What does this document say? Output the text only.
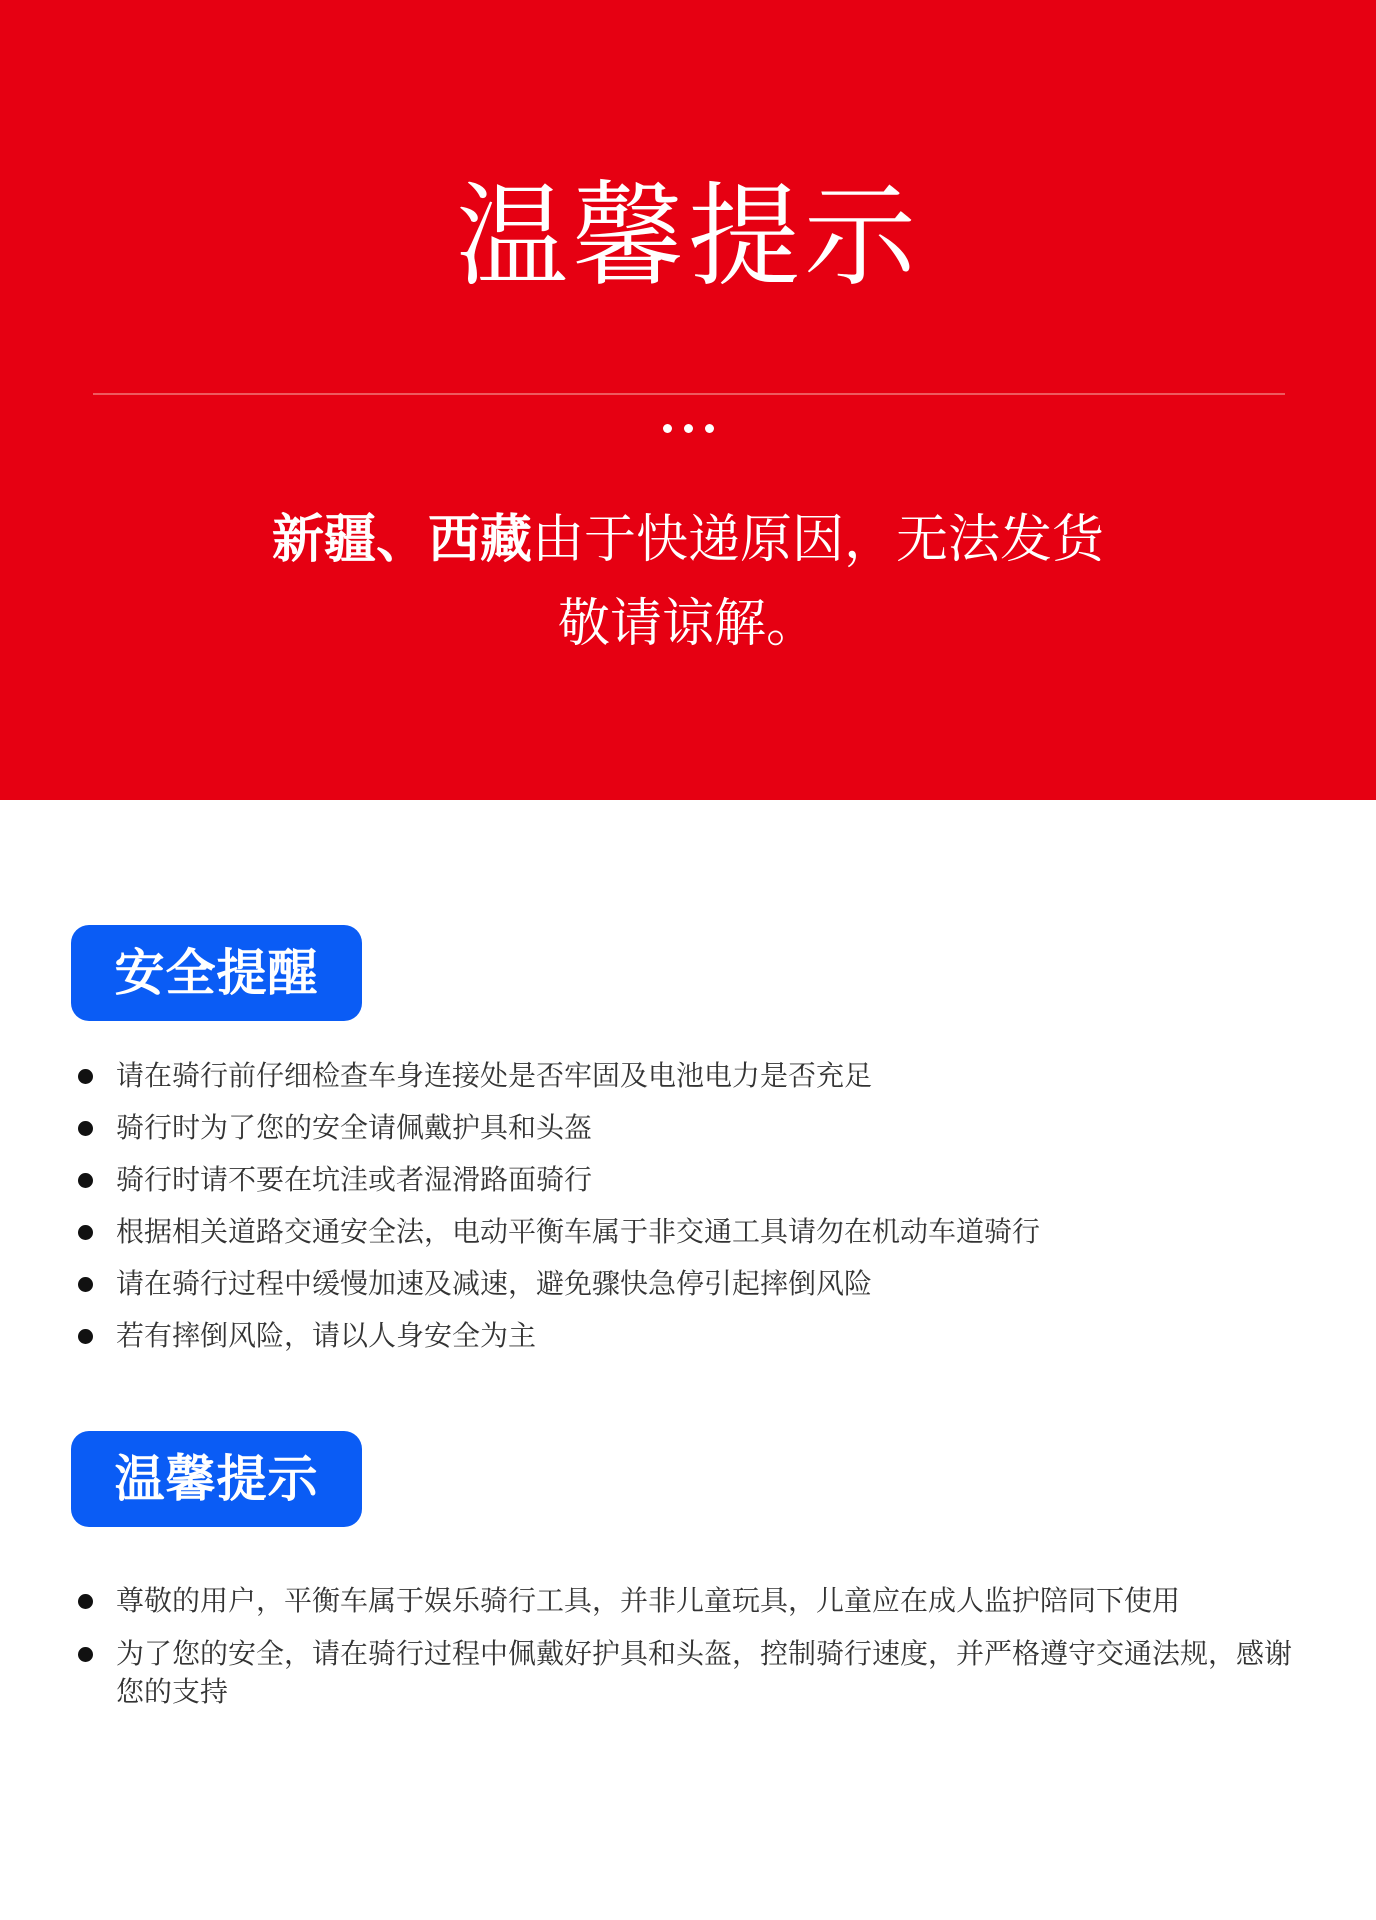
温馨提示
新疆、西藏由于快递原因，无法发货
敬请谅解。
安全提醒
请在骑行前仔细检查车身连接处是否牢固及电池电力是否充足
骑行时为了您的安全请佩戴护具和头盔
骑行时请不要在坑洼或者湿滑路面骑行
根据相关道路交通安全法，电动平衡车属于非交通工具请勿在机动车道骑行
请在骑行过程中缓慢加速及减速，避免骤快急停引起摔倒风险
若有摔倒风险，请以人身安全为主
温馨提示
尊敬的用户，平衡车属于娱乐骑行工具，并非儿童玩具，儿童应在成人监护陪同下使用
为了您的安全，请在骑行过程中佩戴好护具和头盔，控制骑行速度，并严格遵守交通法规，感谢您的支持
